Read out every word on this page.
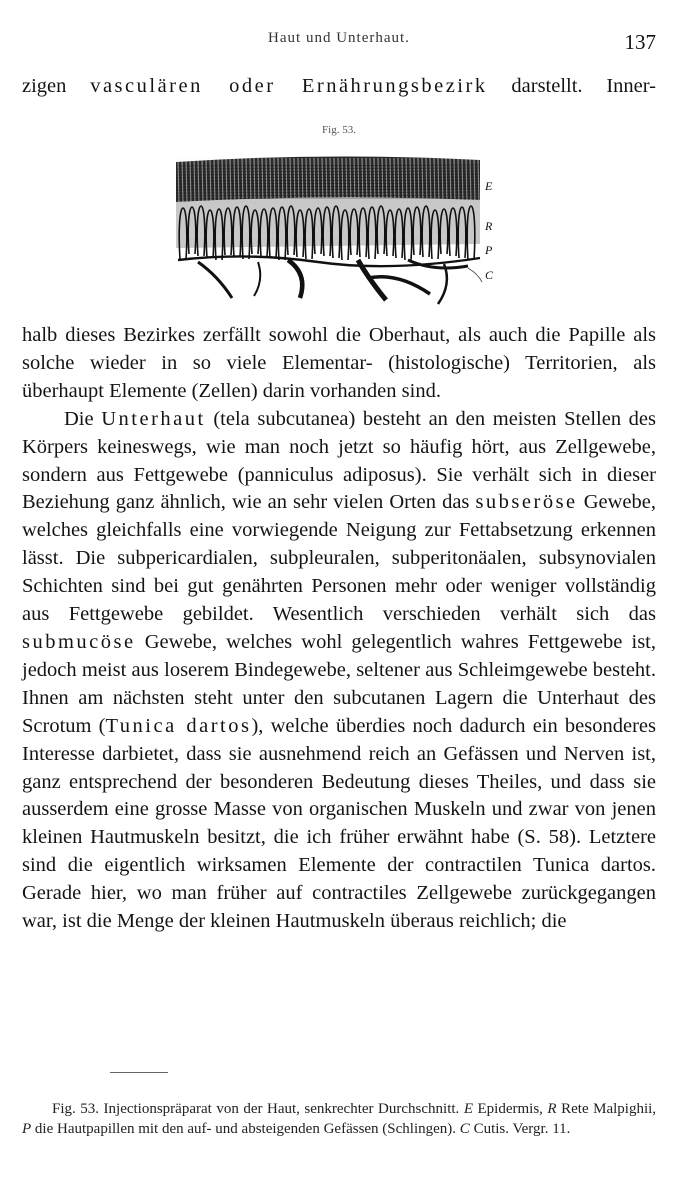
Haut und Unterhaut.	137
zigen vasculären oder Ernährungsbezirk darstellt. Inner-
Fig. 53.
E
R
P
C

halb dieses Bezirkes zerfällt sowohl die Oberhaut, als auch die Papille als solche wieder in so viele Elementar- (histologische) Territorien, als überhaupt Elemente (Zellen) darin vorhanden sind.

Die Unterhaut (tela subcutanea) besteht an den meisten Stellen des Körpers keineswegs, wie man noch jetzt so häufig hört, aus Zellgewebe, sondern aus Fettgewebe (panniculus adiposus). Sie verhält sich in dieser Beziehung ganz ähnlich, wie an sehr vielen Orten das subseröse Gewebe, welches gleichfalls eine vorwiegende Neigung zur Fettabsetzung erkennen lässt. Die subpericardialen, subpleuralen, subperitonäalen, subsynovialen Schichten sind bei gut genährten Personen mehr oder weniger vollständig aus Fettgewebe gebildet. Wesentlich verschieden verhält sich das submucöse Gewebe, welches wohl gelegentlich wahres Fettgewebe ist, jedoch meist aus loserem Bindegewebe, seltener aus Schleimgewebe besteht. Ihnen am nächsten steht unter den subcutanen Lagern die Unterhaut des Scrotum (Tunica dartos), welche überdies noch dadurch ein besonderes Interesse darbietet, dass sie ausnehmend reich an Gefässen und Nerven ist, ganz entsprechend der besonderen Bedeutung dieses Theiles, und dass sie ausserdem eine grosse Masse von organischen Muskeln und zwar von jenen kleinen Hautmuskeln besitzt, die ich früher erwähnt habe (S. 58). Letztere sind die eigentlich wirksamen Elemente der contractilen Tunica dartos. Gerade hier, wo man früher auf contractiles Zellgewebe zurückgegangen war, ist die Menge der kleinen Hautmuskeln überaus reichlich; die

Fig. 53. Injectionspräparat von der Haut, senkrechter Durchschnitt. E Epidermis, R Rete Malpighii, P die Hautpapillen mit den auf- und absteigenden Gefässen (Schlingen). C Cutis. Vergr. 11.
